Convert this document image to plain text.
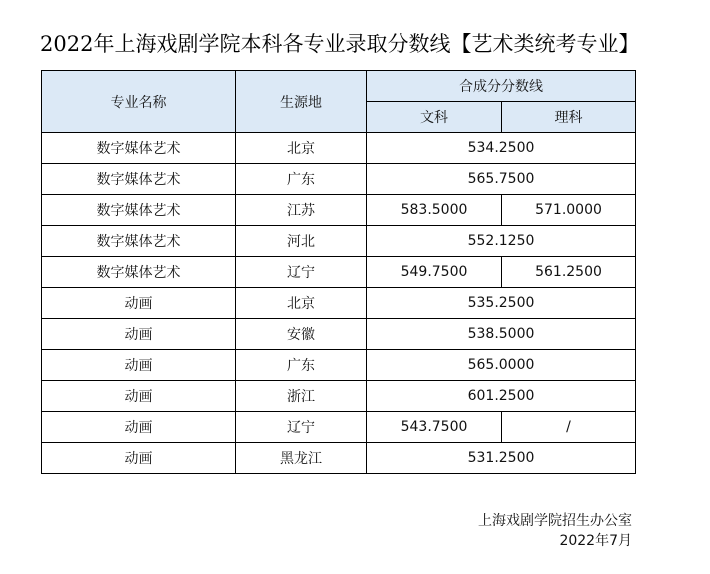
2022年上海戏剧学院本科各专业录取分数线【艺术类统考专业】
专业名称	生源地	合成分分数线	
		文科	理科
数字媒体艺术	北京	534.2500	
数字媒体艺术	广东	565.7500	
数字媒体艺术	江苏	583.5000	571.0000
数字媒体艺术	河北	552.1250	
数字媒体艺术	辽宁	549.7500	561.2500
动画	北京	535.2500	
动画	安徽	538.5000	
动画	广东	565.0000	
动画	浙江	601.2500	
动画	辽宁	543.7500	/
动画	黑龙江	531.2500	
上海戏剧学院招生办公室
2022年7月
